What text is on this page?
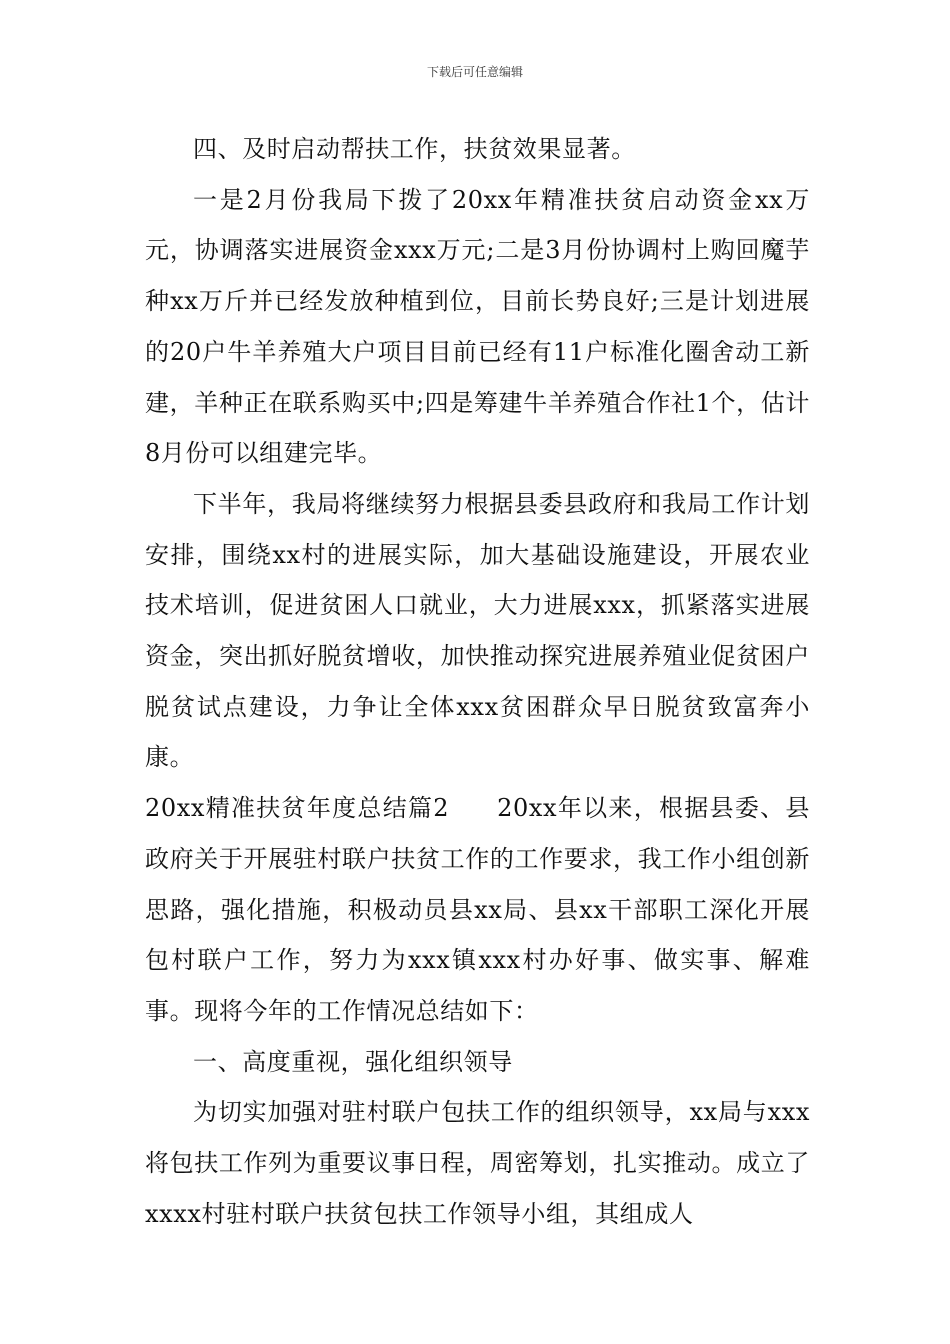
下载后可任意编辑

四、及时启动帮扶工作，扶贫效果显著。

一是2月份我局下拨了20xx年精准扶贫启动资金xx万元，协调落实进展资金xxx万元;二是3月份协调村上购回魔芋种xx万斤并已经发放种植到位，目前长势良好;三是计划进展的20户牛羊养殖大户项目目前已经有11户标准化圈舍动工新建，羊种正在联系购买中;四是筹建牛羊养殖合作社1个，估计8月份可以组建完毕。

下半年，我局将继续努力根据县委县政府和我局工作计划安排，围绕xx村的进展实际，加大基础设施建设，开展农业技术培训，促进贫困人口就业，大力进展xxx，抓紧落实进展资金，突出抓好脱贫增收，加快推动探究进展养殖业促贫困户脱贫试点建设，力争让全体xxx贫困群众早日脱贫致富奔小康。

20xx精准扶贫年度总结篇2 20xx年以来，根据县委、县政府关于开展驻村联户扶贫工作的工作要求，我工作小组创新思路，强化措施，积极动员县xx局、县xx干部职工深化开展包村联户工作，努力为xxx镇xxx村办好事、做实事、解难事。现将今年的工作情况总结如下：

一、高度重视，强化组织领导

为切实加强对驻村联户包扶工作的组织领导，xx局与xxx将包扶工作列为重要议事日程，周密筹划，扎实推动。成立了xxxx村驻村联户扶贫包扶工作领导小组，其组成人
